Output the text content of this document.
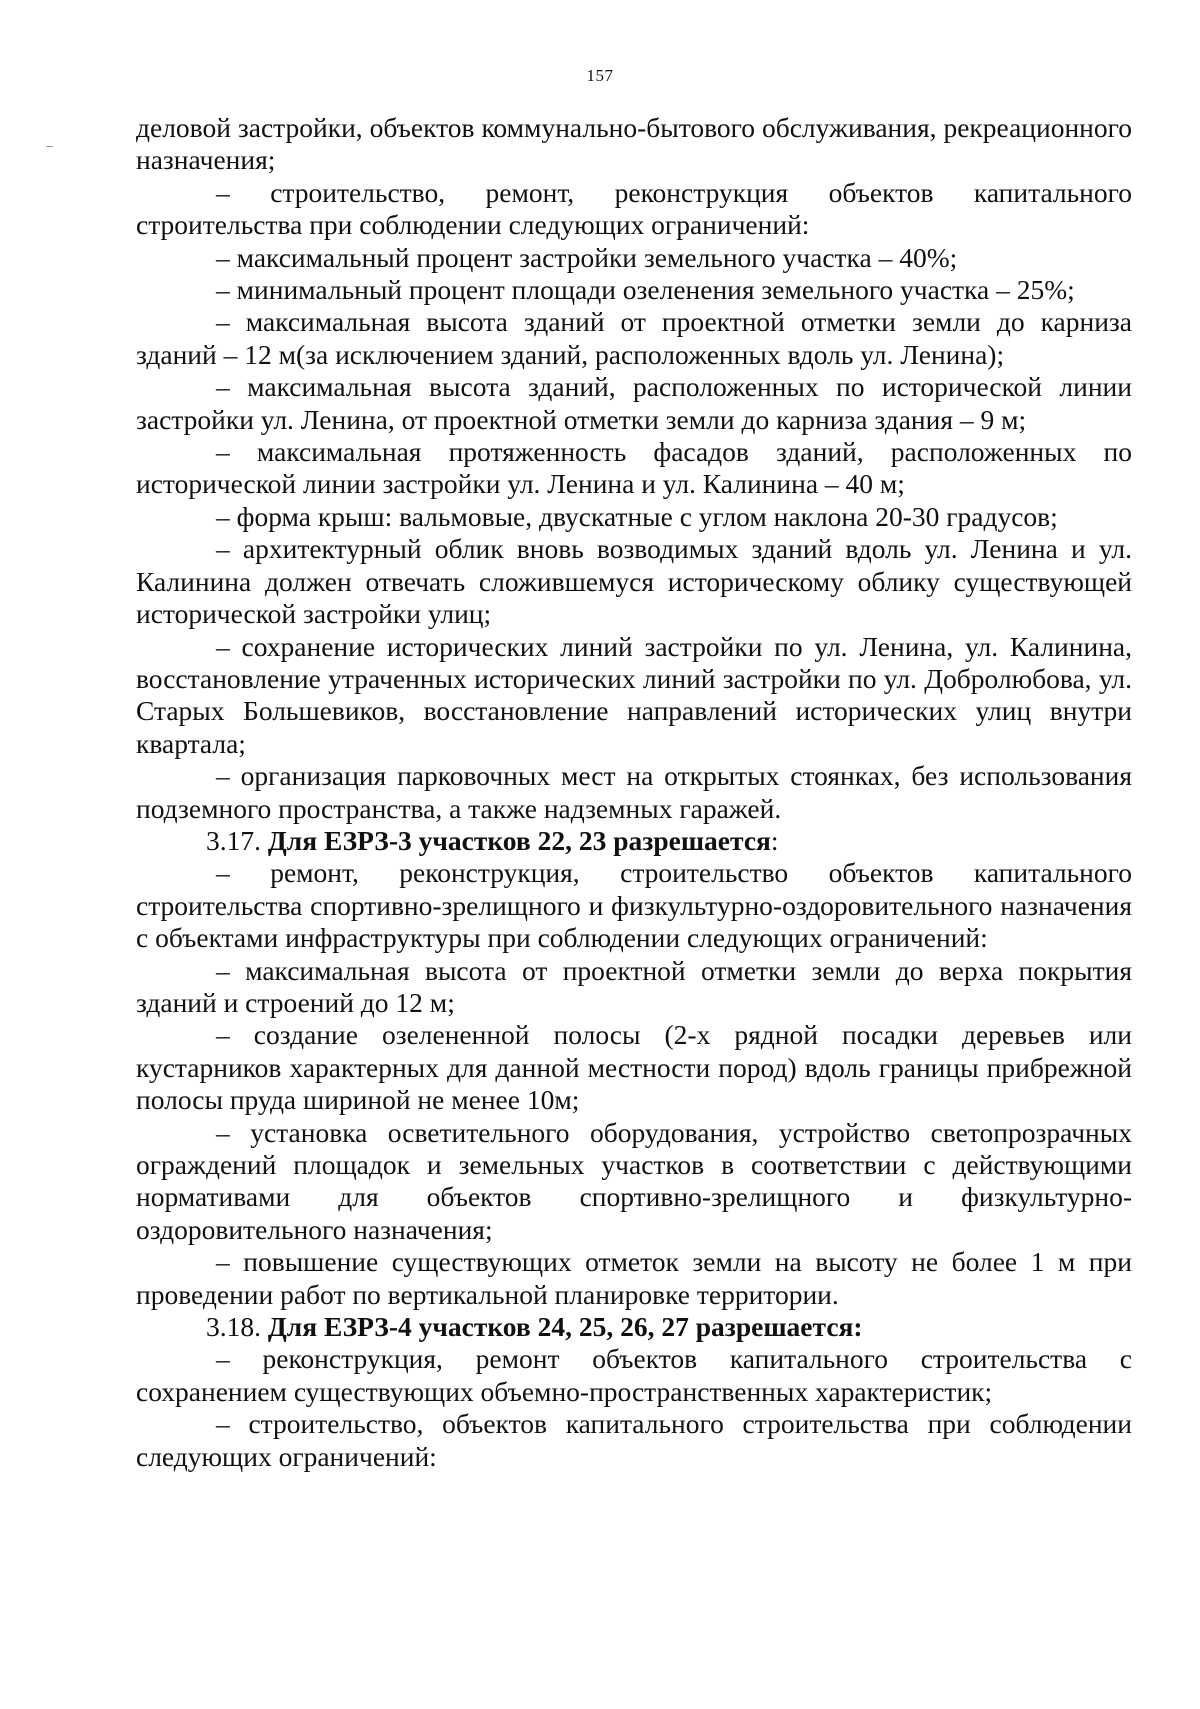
157

деловой застройки, объектов коммунально-бытового обслуживания, рекреационного назначения;

– строительство, ремонт, реконструкция объектов капитального строительства при соблюдении следующих ограничений:

– максимальный процент застройки земельного участка – 40%;

– минимальный процент площади озеленения земельного участка – 25%;

– максимальная высота зданий от проектной отметки земли до карниза зданий – 12 м(за исключением зданий, расположенных вдоль ул. Ленина);

– максимальная высота зданий, расположенных по исторической линии застройки ул. Ленина, от проектной отметки земли до карниза здания – 9 м;

– максимальная протяженность фасадов зданий, расположенных по исторической линии застройки ул. Ленина и ул. Калинина – 40 м;

– форма крыш: вальмовые, двускатные с углом наклона 20-30 градусов;

– архитектурный облик вновь возводимых зданий вдоль ул. Ленина и ул. Калинина должен отвечать сложившемуся историческому облику существующей исторической застройки улиц;

– сохранение исторических линий застройки по ул. Ленина, ул. Калинина, восстановление утраченных исторических линий застройки по ул. Добролюбова, ул. Старых Большевиков, восстановление направлений исторических улиц внутри квартала;

– организация парковочных мест на открытых стоянках, без использования подземного пространства, а также надземных гаражей.

3.17. Для ЕЗРЗ-3 участков 22, 23 разрешается:

– ремонт, реконструкция, строительство объектов капитального строительства спортивно-зрелищного и физкультурно-оздоровительного назначения с объектами инфраструктуры при соблюдении следующих ограничений:

– максимальная высота от проектной отметки земли до верха покрытия зданий и строений до 12 м;

– создание озелененной полосы (2-х рядной посадки деревьев или кустарников характерных для данной местности пород) вдоль границы прибрежной полосы пруда шириной не менее 10м;

– установка осветительного оборудования, устройство светопрозрачных ограждений площадок и земельных участков в соответствии с действующими нормативами для объектов спортивно-зрелищного и физкультурно-оздоровительного назначения;

– повышение существующих отметок земли на высоту не более 1 м при проведении работ по вертикальной планировке территории.

3.18. Для ЕЗРЗ-4 участков 24, 25, 26, 27 разрешается:

– реконструкция, ремонт объектов капитального строительства с сохранением существующих объемно-пространственных характеристик;

– строительство, объектов капитального строительства при соблюдении следующих ограничений:
